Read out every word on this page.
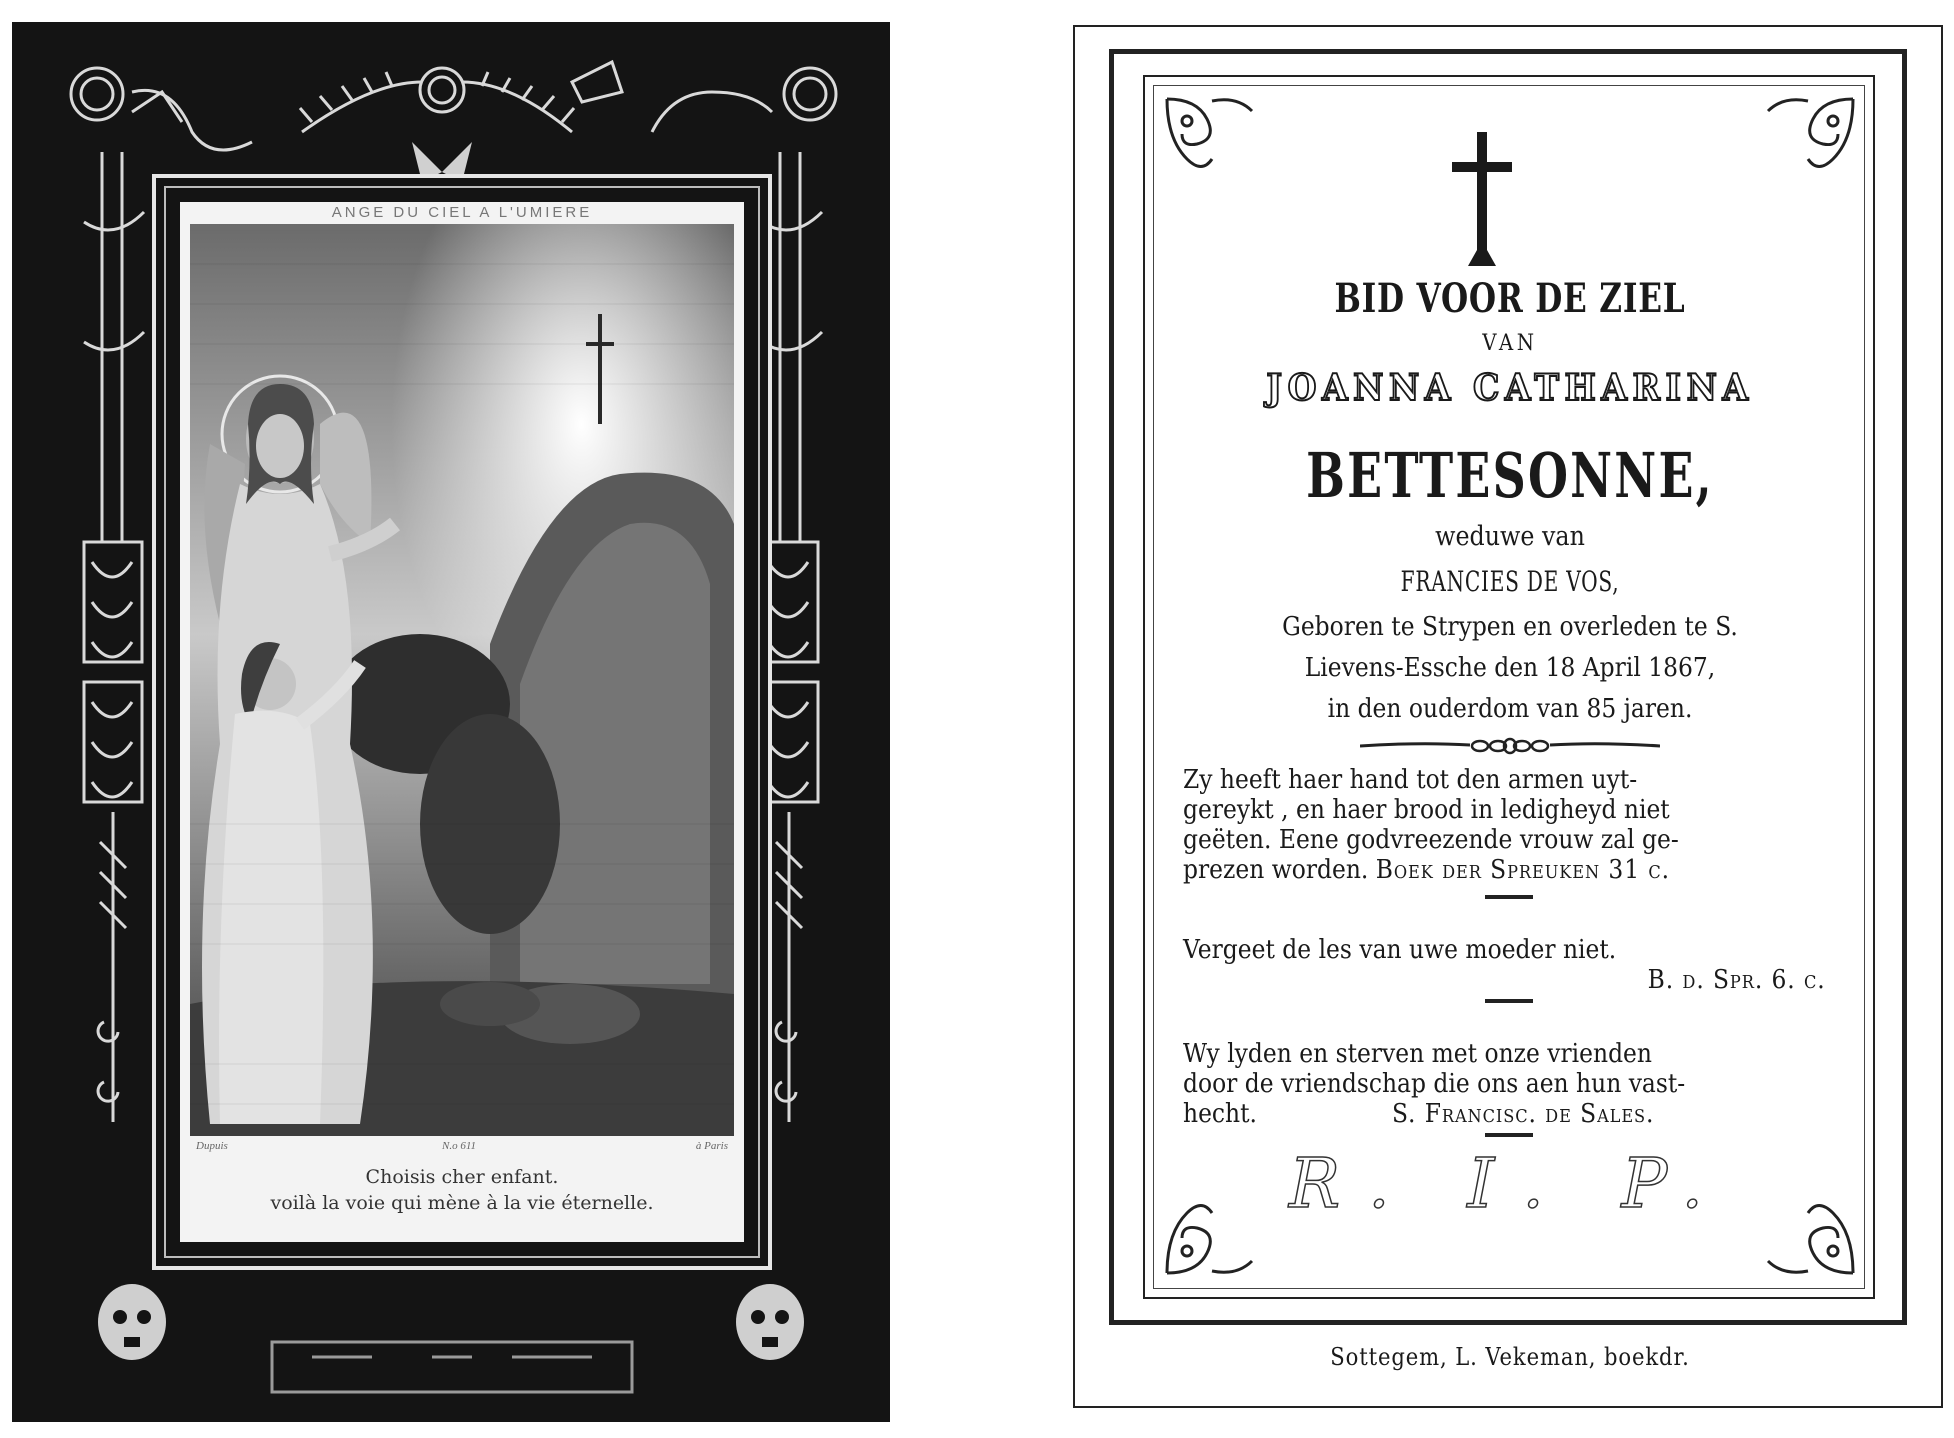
ANGE DU CIEL A L'UMIERE
Dupuis	N.o 611	à Paris
Choisis cher enfant.
voilà la voie qui mène à la vie éternelle.
BID VOOR DE ZIEL
VAN
JOANNA CATHARINA
BETTESONNE,
weduwe van
FRANCIES DE VOS,
Geboren te Strypen en overleden te S.
Lievens-Essche den 18 April 1867,
in den ouderdom van 85 jaren.
Zy heeft haer hand tot den armen uyt-
gereykt , en haer brood in ledigheyd niet
geëten. Eene godvreezende vrouw zal ge-
prezen worden. Boek der Spreuken 31 c.
Vergeet de les van uwe moeder niet.
B. d. Spr. 6. c.
Wy lyden en sterven met onze vrienden
door de vriendschap die ons aen hun vast-
hecht.	S. Francisc. de Sales.
R. I. P.
Sottegem, L. Vekeman, boekdr.
